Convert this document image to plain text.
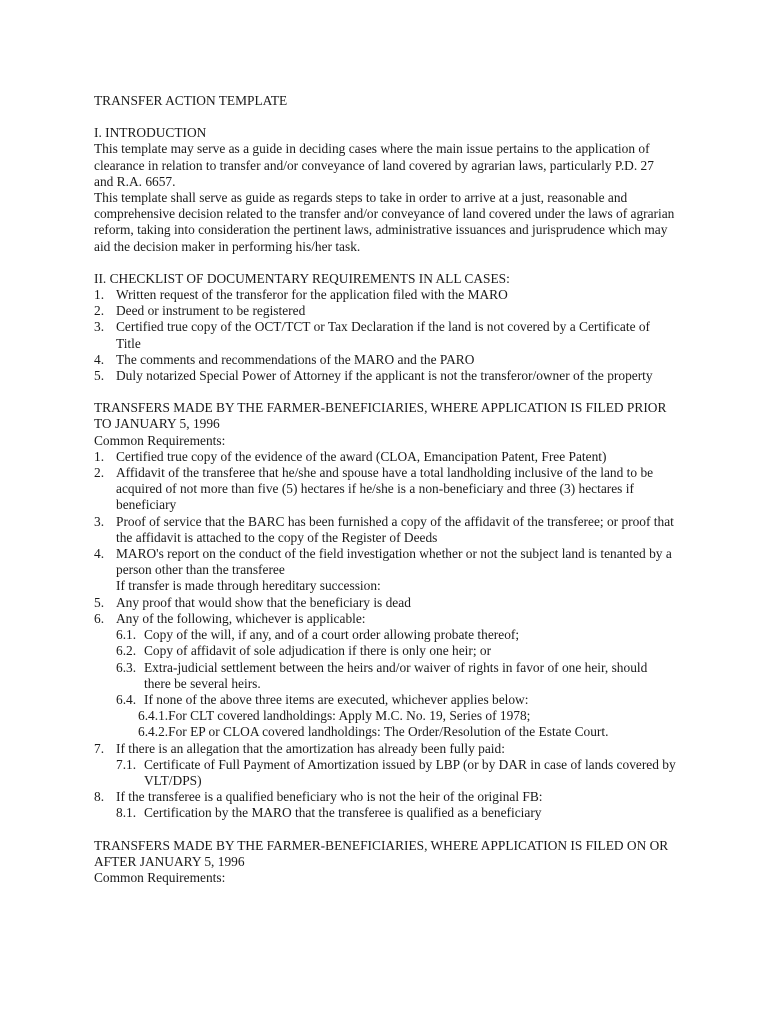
TRANSFER ACTION TEMPLATE
I. INTRODUCTION
This template may serve as a guide in deciding cases where the main issue pertains to the application of clearance in relation to transfer and/or conveyance of land covered by agrarian laws, particularly P.D. 27 and R.A. 6657.
This template shall serve as guide as regards steps to take in order to arrive at a just, reasonable and comprehensive decision related to the transfer and/or conveyance of land covered under the laws of agrarian reform, taking into consideration the pertinent laws, administrative issuances and jurisprudence which may aid the decision maker in performing his/her task.
II. CHECKLIST OF DOCUMENTARY REQUIREMENTS IN ALL CASES:
1. Written request of the transferor for the application filed with the MARO
2. Deed or instrument to be registered
3. Certified true copy of the OCT/TCT or Tax Declaration if the land is not covered by a Certificate of Title
4. The comments and recommendations of the MARO and the PARO
5. Duly notarized Special Power of Attorney if the applicant is not the transferor/owner of the property
TRANSFERS MADE BY THE FARMER-BENEFICIARIES, WHERE APPLICATION IS FILED PRIOR TO JANUARY 5, 1996
Common Requirements:
1. Certified true copy of the evidence of the award (CLOA, Emancipation Patent, Free Patent)
2. Affidavit of the transferee that he/she and spouse have a total landholding inclusive of the land to be acquired of not more than five (5) hectares if he/she is a non-beneficiary and three (3) hectares if beneficiary
3. Proof of service that the BARC has been furnished a copy of the affidavit of the transferee; or proof that the affidavit is attached to the copy of the Register of Deeds
4. MARO's report on the conduct of the field investigation whether or not the subject land is tenanted by a person other than the transferee
If transfer is made through hereditary succession:
5. Any proof that would show that the beneficiary is dead
6. Any of the following, whichever is applicable:
6.1. Copy of the will, if any, and of a court order allowing probate thereof;
6.2. Copy of affidavit of sole adjudication if there is only one heir; or
6.3. Extra-judicial settlement between the heirs and/or waiver of rights in favor of one heir, should there be several heirs.
6.4. If none of the above three items are executed, whichever applies below:
6.4.1.For CLT covered landholdings: Apply M.C. No. 19, Series of 1978;
6.4.2.For EP or CLOA covered landholdings: The Order/Resolution of the Estate Court.
7. If there is an allegation that the amortization has already been fully paid:
7.1. Certificate of Full Payment of Amortization issued by LBP (or by DAR in case of lands covered by VLT/DPS)
8. If the transferee is a qualified beneficiary who is not the heir of the original FB:
8.1. Certification by the MARO that the transferee is qualified as a beneficiary
TRANSFERS MADE BY THE FARMER-BENEFICIARIES, WHERE APPLICATION IS FILED ON OR AFTER JANUARY 5, 1996
Common Requirements:
